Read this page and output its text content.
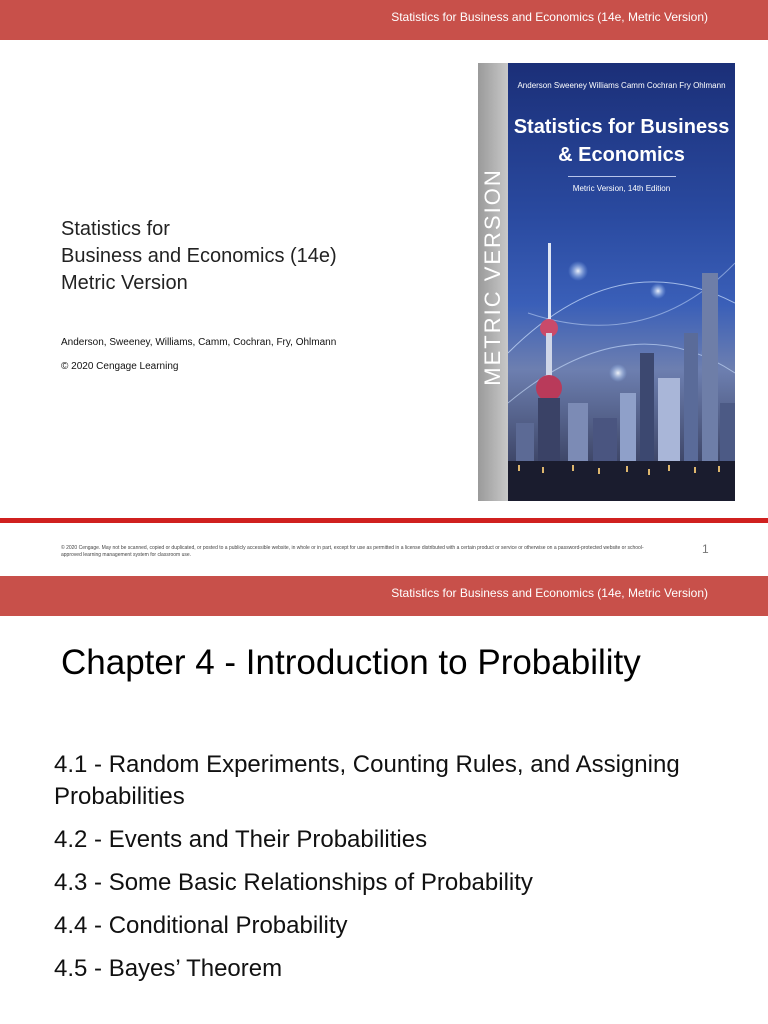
Statistics for Business and Economics (14e, Metric Version)
Statistics for
Business and Economics (14e)
Metric Version
Anderson, Sweeney, Williams, Camm, Cochran, Fry, Ohlmann
© 2020 Cengage Learning	METRIC VERSION
Anderson Sweeney Williams Camm Cochran Fry Ohlmann
Statistics for Business
& Economics
Metric Version, 14th Edition
© 2020 Cengage. May not be scanned, copied or duplicated, or posted to a publicly accessible website, in whole or in part, except for use as permitted in a license distributed with a certain product or service or otherwise on a password-protected website or school-approved learning management system for classroom use.	1
Statistics for Business and Economics (14e, Metric Version)
Chapter 4 - Introduction to Probability
4.1 - Random Experiments, Counting Rules, and Assigning Probabilities
4.2 - Events and Their Probabilities
4.3 - Some Basic Relationships of Probability
4.4 - Conditional Probability
4.5 - Bayes’ Theorem
